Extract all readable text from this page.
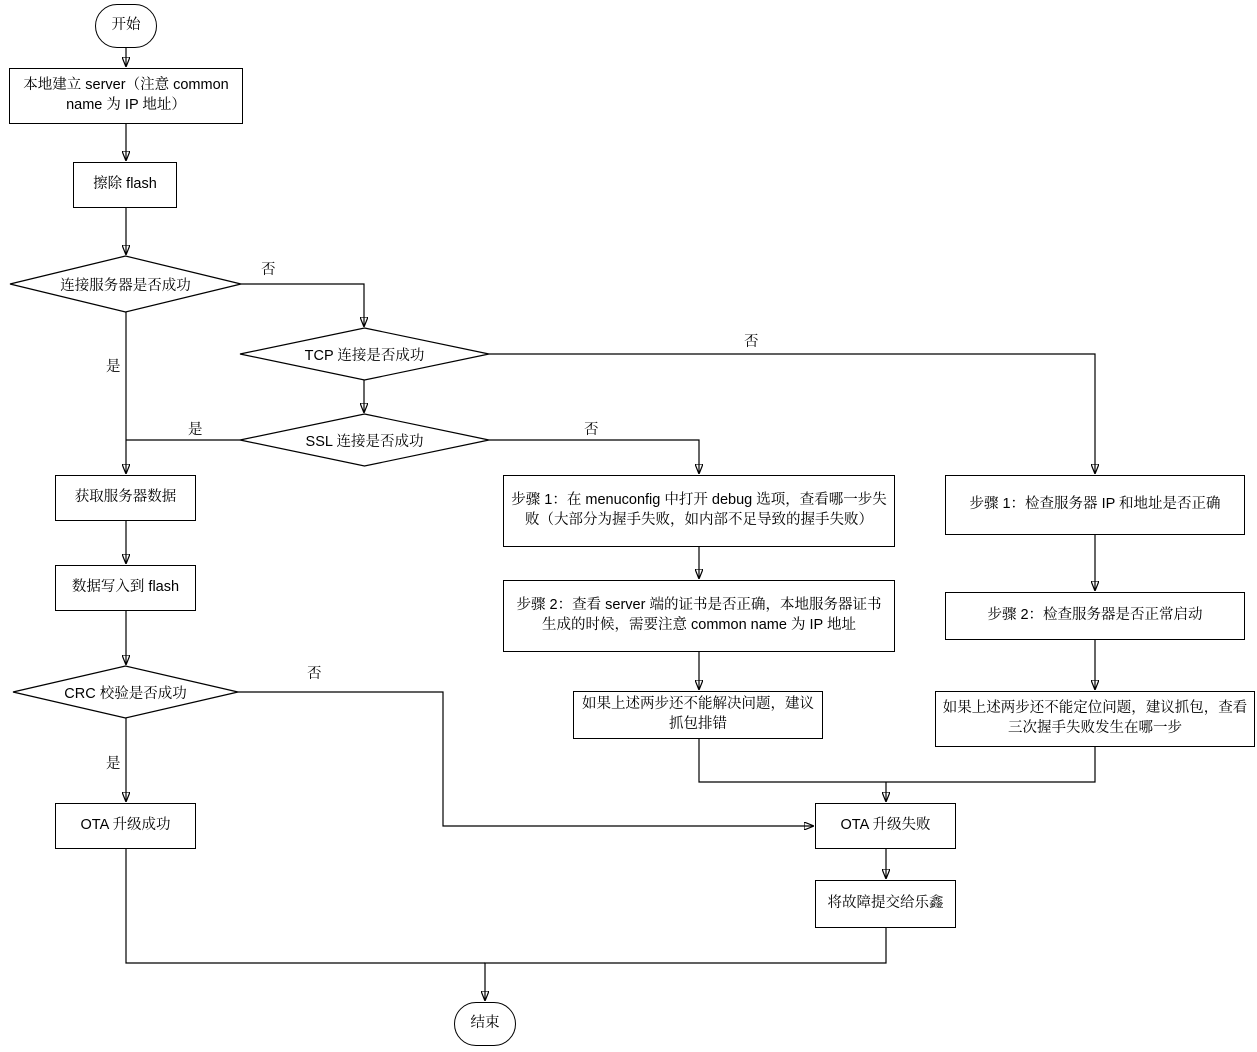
开始
本地建立 server（注意 common name 为 IP 地址）
擦除 flash
连接服务器是否成功
TCP 连接是否成功
SSL 连接是否成功
获取服务器数据
数据写入到 flash
CRC 校验是否成功
OTA 升级成功
步骤 1：在 menuconfig 中打开 debug 选项，查看哪一步失败（大部分为握手失败，如内部不足导致的握手失败）
步骤 2：查看 server 端的证书是否正确，本地服务器证书生成的时候，需要注意 common name 为 IP 地址
如果上述两步还不能解决问题，建议抓包排错
步骤 1：检查服务器 IP 和地址是否正确
步骤 2：检查服务器是否正常启动
如果上述两步还不能定位问题，建议抓包，查看三次握手失败发生在哪一步
OTA 升级失败
将故障提交给乐鑫
结束
否
是
否
是	否
是
否
